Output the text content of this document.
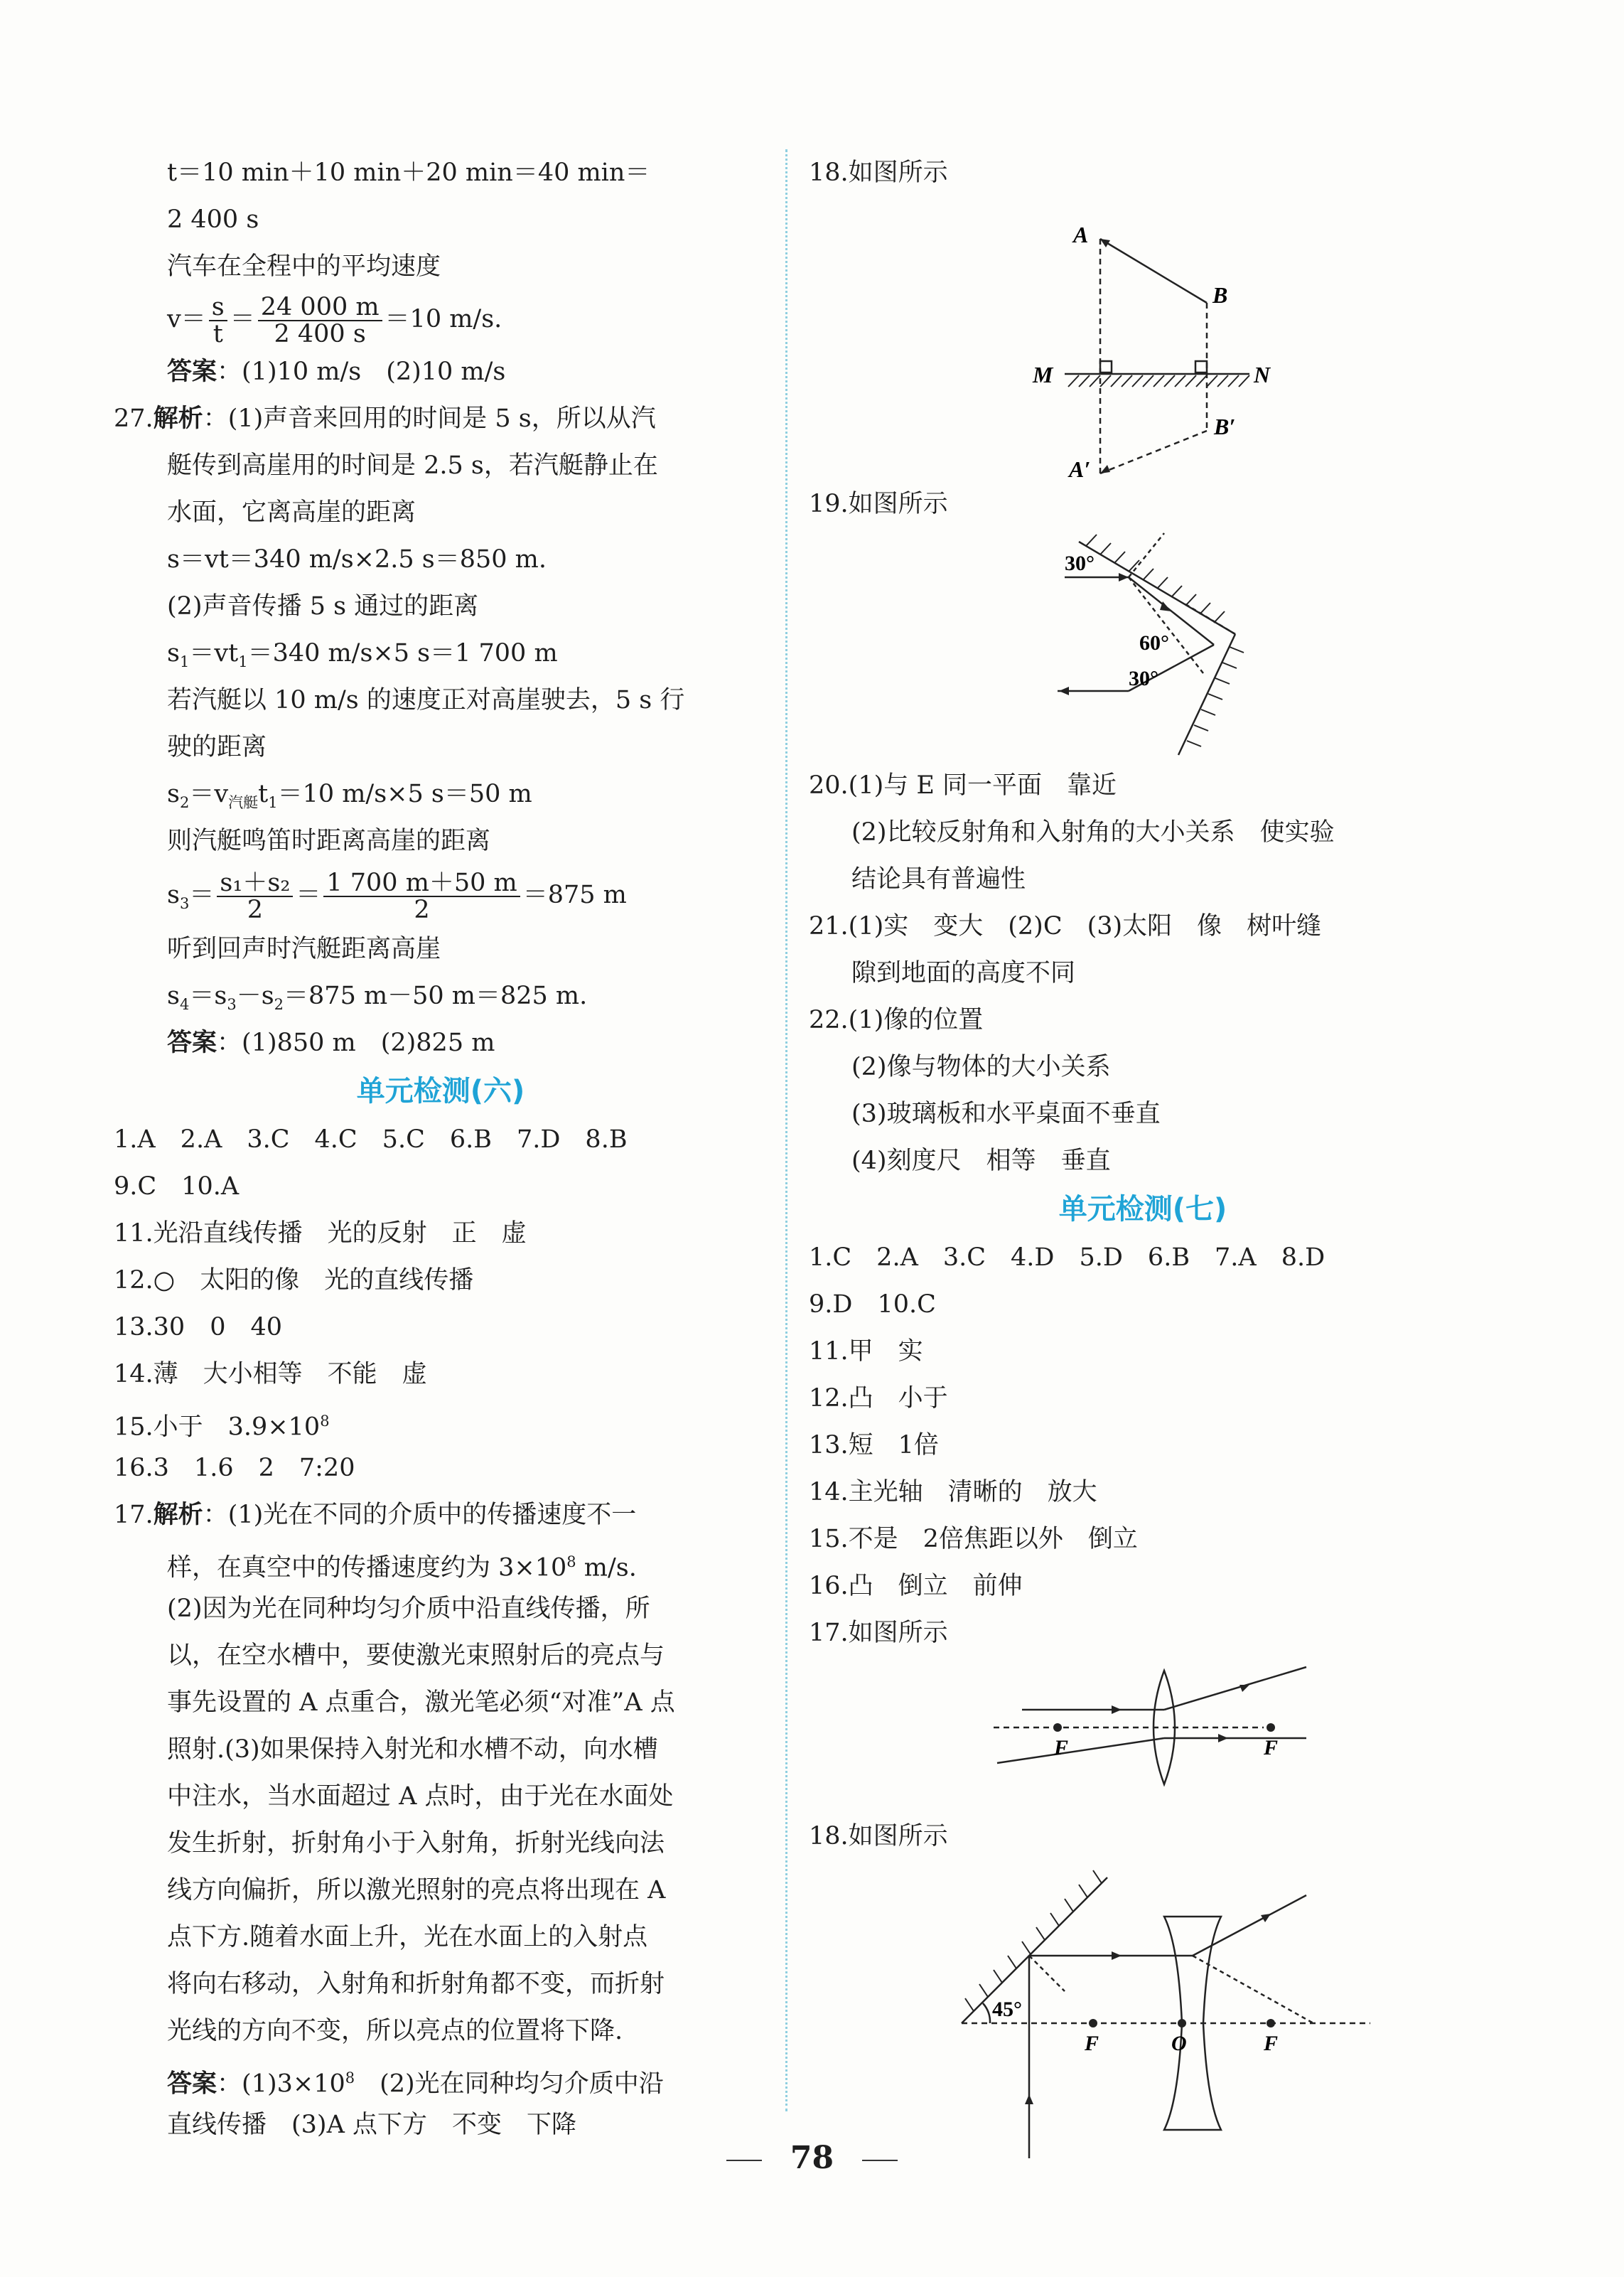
t＝10 min＋10 min＋20 min＝40 min＝
2 400 s
汽车在全程中的平均速度
$v= \frac{s}{t} = \frac{24 000 m}{2 400 s} =10$ m/s.
答案：(1)10 m/s　(2)10 m/s
27.解析：(1)声音来回用的时间是 5 s，所以从汽
艇传到高崖用的时间是 2.5 s，若汽艇静止在
水面，它离高崖的距离
s＝vt＝340 m/s×2.5 s＝850 m.
(2)声音传播 5 s 通过的距离
$s_1=vt_1=340$ m/s×5 s＝1 700 m
若汽艇以 10 m/s 的速度正对高崖驶去，5 s 行
驶的距离
$s_2=v_{汽艇}t_1=10$ m/s×5 s＝50 m
则汽艇鸣笛时距离高崖的距离
$s_3= \frac{\text{s₁＋s₂}}{2} = \frac{1 700 m+50 m}{2} =875$ m
听到回声时汽艇距离高崖
$s_4=s_3-s_2=875$ m－50 m＝825 m.
答案：(1)850 m　(2)825 m
单元检测(六)
1.A　2.A　3.C　4.C　5.C　6.B　7.D　8.B
9.C　10.A
11.光沿直线传播　光的反射　正　虚
12.○　太阳的像　光的直线传播
13.30　0　40
14.薄　大小相等　不能　虚
15.小于　$3.9\times 10^8$
16.3　1.6　2　7:20
17.解析：(1)光在不同的介质中的传播速度不一
样，在真空中的传播速度约为 $3\times 10^8$ m/s.
(2)因为光在同种均匀介质中沿直线传播，所
以，在空水槽中，要使激光束照射后的亮点与
事先设置的 A 点重合，激光笔必须“对准”A 点
照射.(3)如果保持入射光和水槽不动，向水槽
中注水，当水面超过 A 点时，由于光在水面处
发生折射，折射角小于入射角，折射光线向法
线方向偏折，所以激光照射的亮点将出现在 A
点下方.随着水面上升，光在水面上的入射点
将向右移动，入射角和折射角都不变，而折射
光线的方向不变，所以亮点的位置将下降.
答案：$(1)3\times 10^8$　(2)光在同种均匀介质中沿
直线传播　(3)A 点下方　不变　下降
18.如图所示
A
B
M	N
A′
B′
19.如图所示
30°
60°
30°
20.(1)与 E 同一平面　靠近
(2)比较反射角和入射角的大小关系　使实验
结论具有普遍性
21.(1)实　变大　(2)C　(3)太阳　像　树叶缝
隙到地面的高度不同
22.(1)像的位置
(2)像与物体的大小关系
(3)玻璃板和水平桌面不垂直
(4)刻度尺　相等　垂直
单元检测(七)
1.C　2.A　3.C　4.D　5.D　6.B　7.A　8.D
9.D　10.C
11.甲　实
12.凸　小于
13.短　1倍
14.主光轴　清晰的　放大
15.不是　2倍焦距以外　倒立
16.凸　倒立　前伸
17.如图所示
F	F
18.如图所示
45°
F	O	F
78
